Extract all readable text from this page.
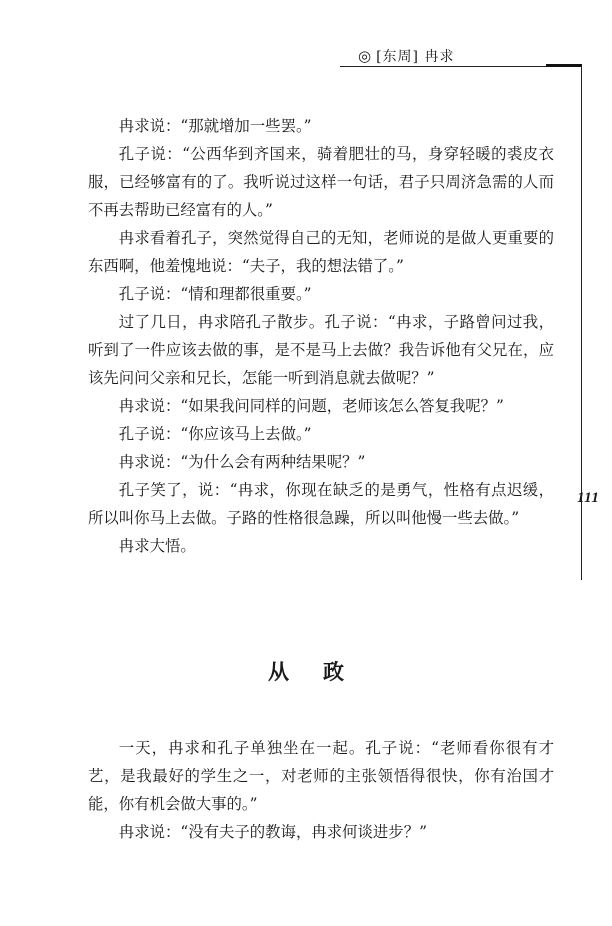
◎ [东周] 冉求
111

冉求说：“那就增加一些罢。”

孔子说：“公西华到齐国来，骑着肥壮的马，身穿轻暖的裘皮衣服，已经够富有的了。我听说过这样一句话，君子只周济急需的人而不再去帮助已经富有的人。”

冉求看着孔子，突然觉得自己的无知，老师说的是做人更重要的东西啊，他羞愧地说：“夫子，我的想法错了。”

孔子说：“情和理都很重要。”

过了几日，冉求陪孔子散步。孔子说：“冉求，子路曾问过我，听到了一件应该去做的事，是不是马上去做？我告诉他有父兄在，应该先问问父亲和兄长，怎能一听到消息就去做呢？”

冉求说：“如果我问同样的问题，老师该怎么答复我呢？”

孔子说：“你应该马上去做。”

冉求说：“为什么会有两种结果呢？”

孔子笑了，说：“冉求，你现在缺乏的是勇气，性格有点迟缓，所以叫你马上去做。子路的性格很急躁，所以叫他慢一些去做。”

冉求大悟。

从政

一天，冉求和孔子单独坐在一起。孔子说：“老师看你很有才艺，是我最好的学生之一，对老师的主张领悟得很快，你有治国才能，你有机会做大事的。”

冉求说：“没有夫子的教诲，冉求何谈进步？”
